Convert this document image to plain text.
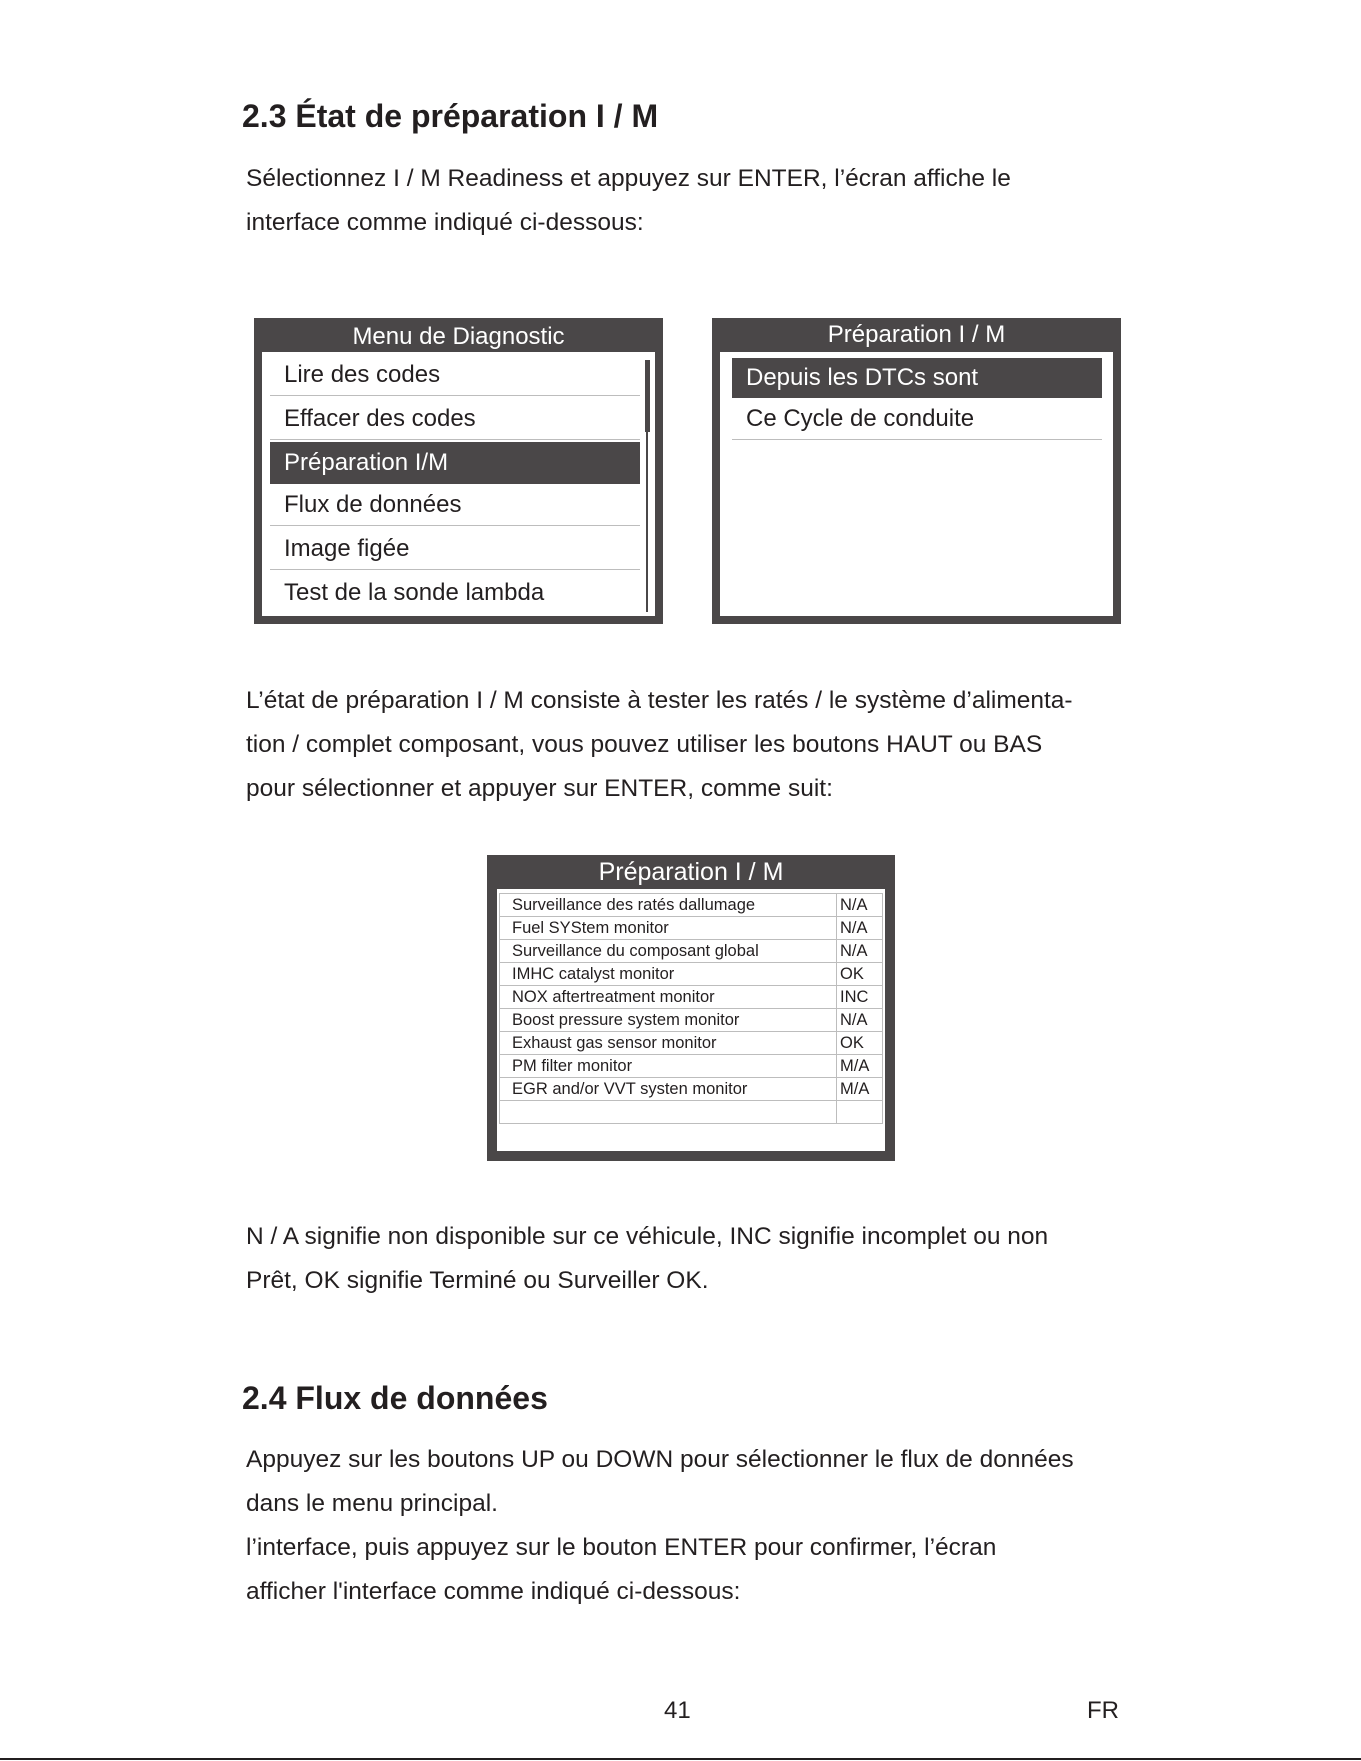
2.3 État de préparation I / M

Sélectionnez I / M Readiness et appuyez sur ENTER, l’écran affiche le
interface comme indiqué ci-dessous:

Menu de Diagnostic
Lire des codes
Effacer des codes
Préparation I/M
Flux de données
Image figée
Test de la sonde lambda
Préparation I / M
Depuis les DTCs sont
Ce Cycle de conduite

L’état de préparation I / M consiste à tester les ratés / le système d’alimenta-
tion / complet composant, vous pouvez utiliser les boutons HAUT ou BAS
pour sélectionner et appuyer sur ENTER, comme suit:

Préparation I / M
Surveillance des ratés dallumage	N/A
Fuel SYStem monitor	N/A
Surveillance du composant global	N/A
IMHC catalyst monitor	OK
NOX aftertreatment monitor	INC
Boost pressure system monitor	N/A
Exhaust gas sensor monitor	OK
PM filter monitor	M/A
EGR and/or VVT systen monitor	M/A

N / A signifie non disponible sur ce véhicule, INC signifie incomplet ou non
Prêt, OK signifie Terminé ou Surveiller OK.

2.4 Flux de données

Appuyez sur les boutons UP ou DOWN pour sélectionner le flux de données
dans le menu principal.
l’interface, puis appuyez sur le bouton ENTER pour confirmer, l’écran
afficher l'interface comme indiqué ci-dessous:

41	FR
